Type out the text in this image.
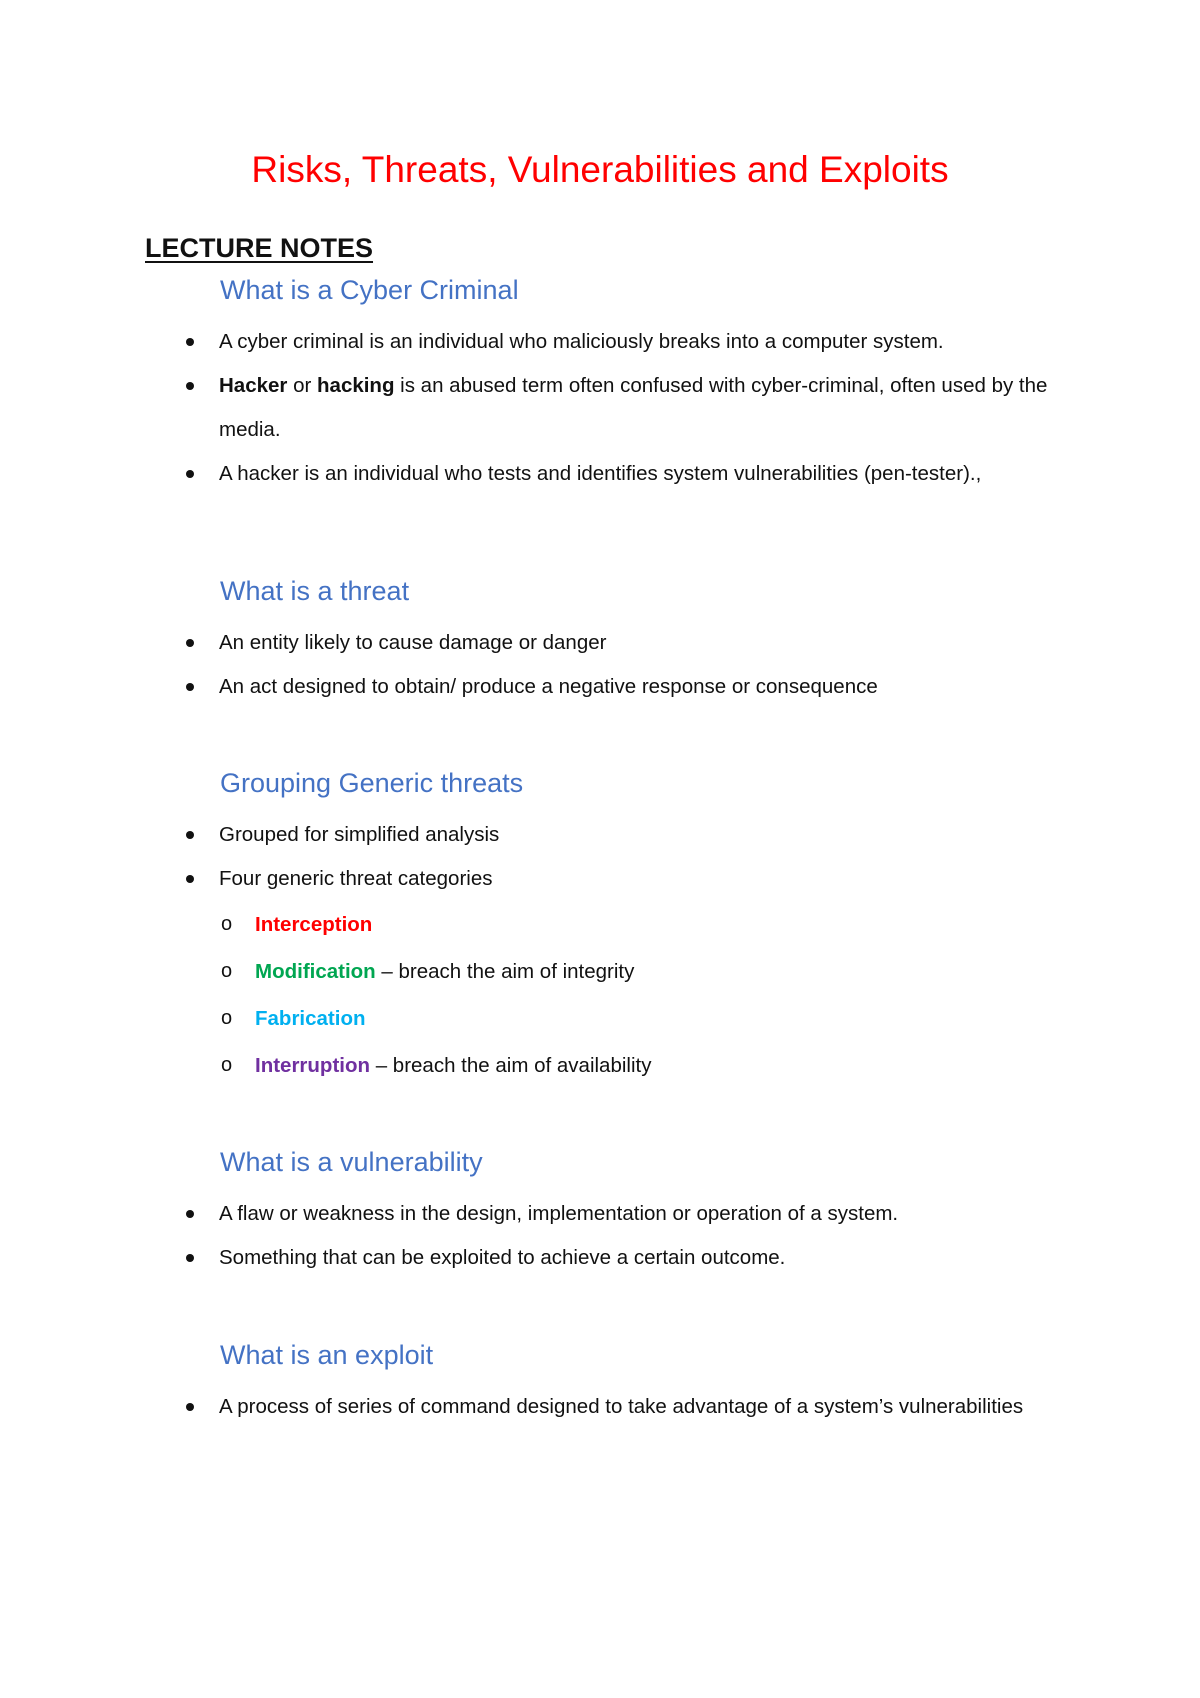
Risks, Threats, Vulnerabilities and Exploits
LECTURE NOTES
What is a Cyber Criminal
A cyber criminal is an individual who maliciously breaks into a computer system.
Hacker or hacking is an abused term often confused with cyber-criminal, often used by the media.
A hacker is an individual who tests and identifies system vulnerabilities (pen-tester).,
What is a threat
An entity likely to cause damage or danger
An act designed to obtain/ produce a negative response or consequence
Grouping Generic threats
Grouped for simplified analysis
Four generic threat categories
o Interception
o Modification – breach the aim of integrity
o Fabrication
o Interruption – breach the aim of availability
What is a vulnerability
A flaw or weakness in the design, implementation or operation of a system.
Something that can be exploited to achieve a certain outcome.
What is an exploit
A process of series of command designed to take advantage of a system’s vulnerabilities
